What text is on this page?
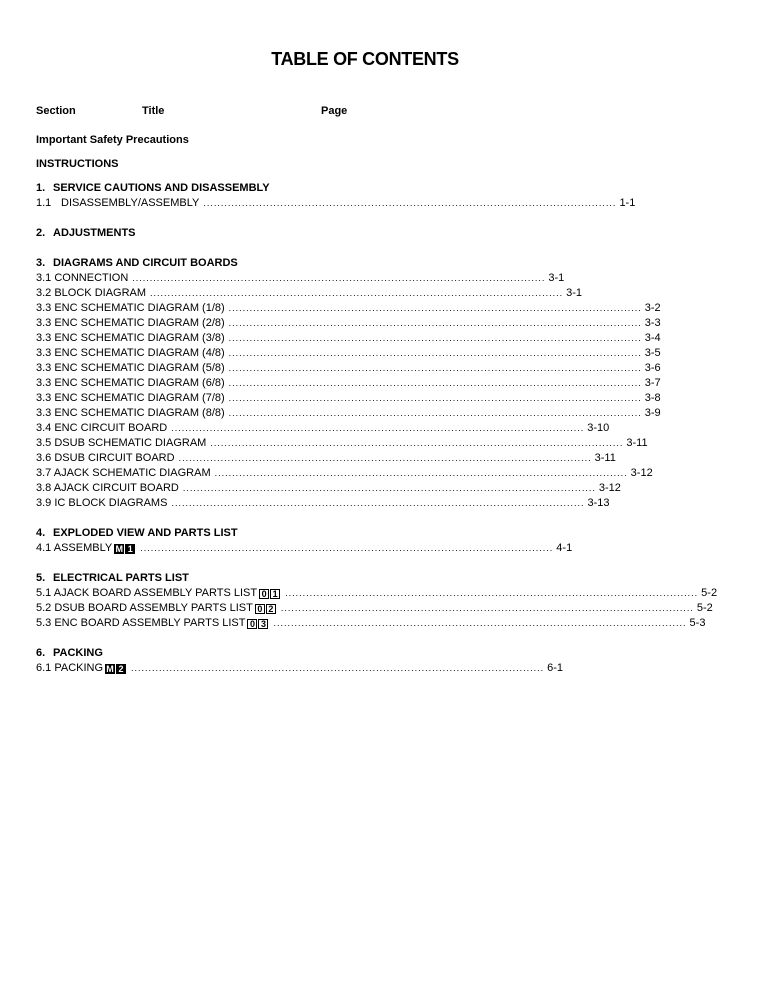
TABLE OF CONTENTS
Section	Title	Page
Important Safety Precautions
INSTRUCTIONS
1. SERVICE CAUTIONS AND DISASSEMBLY
1.1 DISASSEMBLY/ASSEMBLY ...................................................................................................................... 1-1
2. ADJUSTMENTS
3. DIAGRAMS AND CIRCUIT BOARDS
3.1 CONNECTION ...................................................................................................................... 3-1
3.2 BLOCK DIAGRAM ...................................................................................................................... 3-1
3.3 ENC SCHEMATIC DIAGRAM (1/8) ...................................................................................................................... 3-2
3.3 ENC SCHEMATIC DIAGRAM (2/8) ...................................................................................................................... 3-3
3.3 ENC SCHEMATIC DIAGRAM (3/8) ...................................................................................................................... 3-4
3.3 ENC SCHEMATIC DIAGRAM (4/8) ...................................................................................................................... 3-5
3.3 ENC SCHEMATIC DIAGRAM (5/8) ...................................................................................................................... 3-6
3.3 ENC SCHEMATIC DIAGRAM (6/8) ...................................................................................................................... 3-7
3.3 ENC SCHEMATIC DIAGRAM (7/8) ...................................................................................................................... 3-8
3.3 ENC SCHEMATIC DIAGRAM (8/8) ...................................................................................................................... 3-9
3.4 ENC CIRCUIT BOARD ...................................................................................................................... 3-10
3.5 DSUB SCHEMATIC DIAGRAM ...................................................................................................................... 3-11
3.6 DSUB CIRCUIT BOARD ...................................................................................................................... 3-11
3.7 AJACK SCHEMATIC DIAGRAM ...................................................................................................................... 3-12
3.8 AJACK CIRCUIT BOARD ...................................................................................................................... 3-12
3.9 IC BLOCK DIAGRAMS ...................................................................................................................... 3-13
4. EXPLODED VIEW AND PARTS LIST
4.1 ASSEMBLY M 1 ...................................................................................................................... 4-1
5. ELECTRICAL PARTS LIST
5.1 AJACK BOARD ASSEMBLY PARTS LIST 0 1 ...................................................................................................................... 5-2
5.2 DSUB BOARD ASSEMBLY PARTS LIST 0 2 ...................................................................................................................... 5-2
5.3 ENC BOARD ASSEMBLY PARTS LIST 0 3 ...................................................................................................................... 5-3
6. PACKING
6.1 PACKING M 2 ...................................................................................................................... 6-1
